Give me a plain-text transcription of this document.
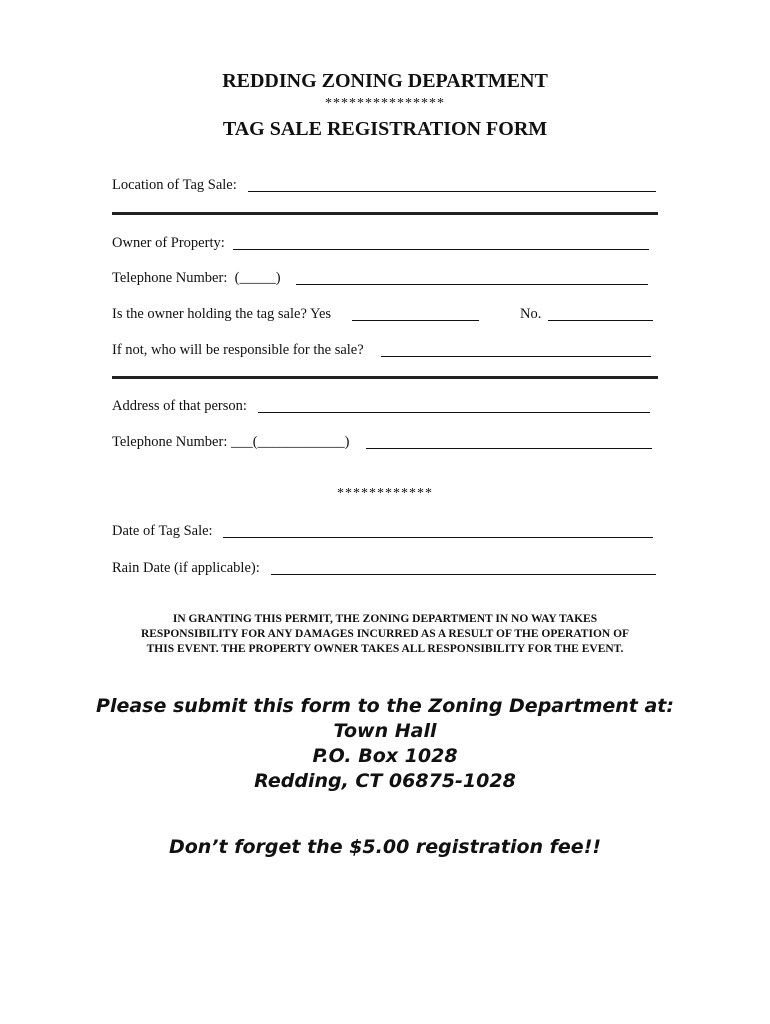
REDDING ZONING DEPARTMENT
***************
TAG SALE REGISTRATION FORM
Location of Tag Sale:
Owner of Property:
Telephone Number: (_____)
Is the owner holding the tag sale? Yes	No.
If not, who will be responsible for the sale?
Address of that person:
Telephone Number: ___(____________)
************
Date of Tag Sale:
Rain Date (if applicable):
IN GRANTING THIS PERMIT, THE ZONING DEPARTMENT IN NO WAY TAKES
RESPONSIBILITY FOR ANY DAMAGES INCURRED AS A RESULT OF THE OPERATION OF
THIS EVENT. THE PROPERTY OWNER TAKES ALL RESPONSIBILITY FOR THE EVENT.
Please submit this form to the Zoning Department at:
Town Hall
P.O. Box 1028
Redding, CT 06875-1028
Don’t forget the $5.00 registration fee!!
